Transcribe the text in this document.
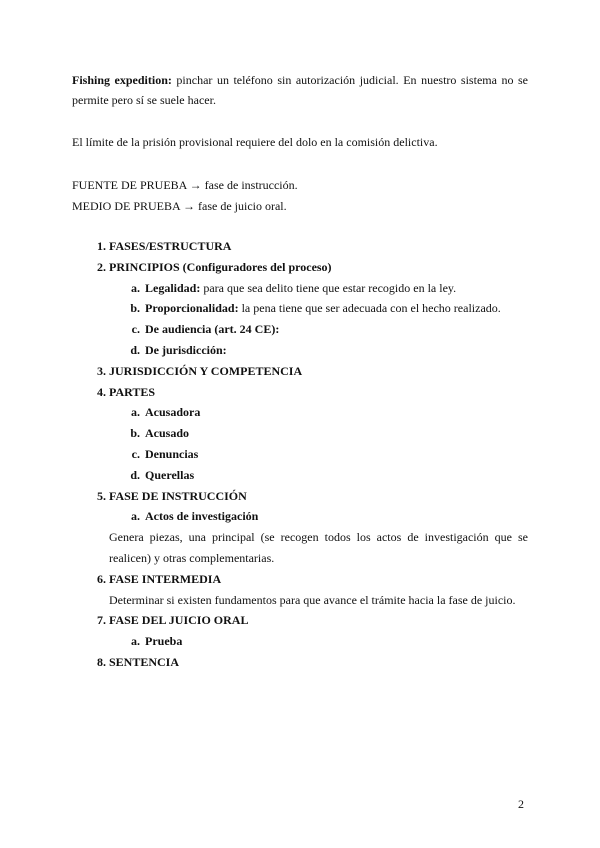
Fishing expedition: pinchar un teléfono sin autorización judicial. En nuestro sistema no se permite pero sí se suele hacer.
El límite de la prisión provisional requiere del dolo en la comisión delictiva.
FUENTE DE PRUEBA → fase de instrucción.
MEDIO DE PRUEBA → fase de juicio oral.
1. FASES/ESTRUCTURA
2. PRINCIPIOS (Configuradores del proceso)
a. Legalidad: para que sea delito tiene que estar recogido en la ley.
b. Proporcionalidad: la pena tiene que ser adecuada con el hecho realizado.
c. De audiencia (art. 24 CE):
d. De jurisdicción:
3. JURISDICCIÓN Y COMPETENCIA
4. PARTES
a. Acusadora
b. Acusado
c. Denuncias
d. Querellas
5. FASE DE INSTRUCCIÓN
a. Actos de investigación
Genera piezas, una principal (se recogen todos los actos de investigación que se realicen) y otras complementarias.
6. FASE INTERMEDIA
Determinar si existen fundamentos para que avance el trámite hacia la fase de juicio.
7. FASE DEL JUICIO ORAL
a. Prueba
8. SENTENCIA
2
